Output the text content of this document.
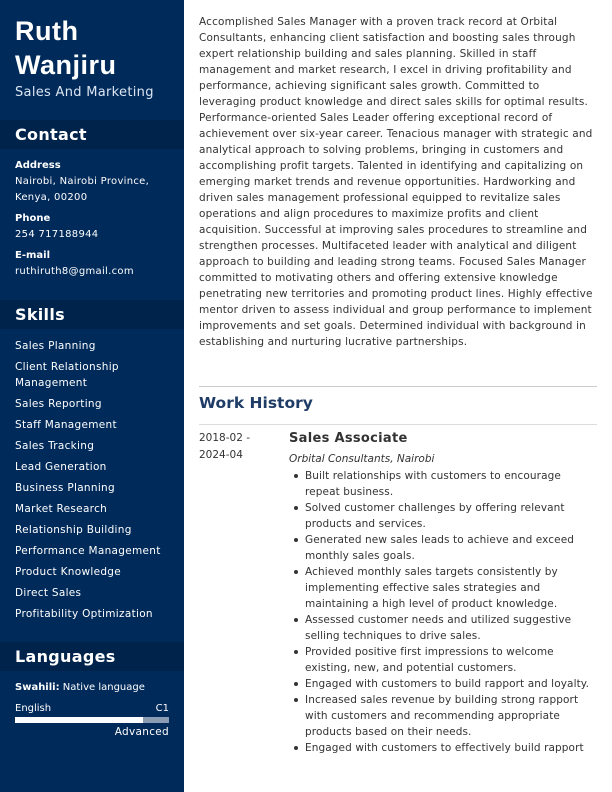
Ruth
Wanjiru
Sales And Marketing
Contact
Address
Nairobi, Nairobi Province,
Kenya, 00200
Phone
254 717188944
E-mail
ruthiruth8@gmail.com
Skills
Sales Planning
Client Relationship Management
Sales Reporting
Staff Management
Sales Tracking
Lead Generation
Business Planning
Market Research
Relationship Building
Performance Management
Product Knowledge
Direct Sales
Profitability Optimization
Languages
Swahili: Native language
English	C1
Advanced

Accomplished Sales Manager with a proven track record at Orbital Consultants, enhancing client satisfaction and boosting sales through expert relationship building and sales planning. Skilled in staff management and market research, I excel in driving profitability and performance, achieving significant sales growth. Committed to leveraging product knowledge and direct sales skills for optimal results. Performance-oriented Sales Leader offering exceptional record of achievement over six-year career. Tenacious manager with strategic and analytical approach to solving problems, bringing in customers and accomplishing profit targets. Talented in identifying and capitalizing on emerging market trends and revenue opportunities. Hardworking and driven sales management professional equipped to revitalize sales operations and align procedures to maximize profits and client acquisition. Successful at improving sales procedures to streamline and strengthen processes. Multifaceted leader with analytical and diligent approach to building and leading strong teams. Focused Sales Manager committed to motivating others and offering extensive knowledge penetrating new territories and promoting product lines. Highly effective mentor driven to assess individual and group performance to implement improvements and set goals. Determined individual with background in establishing and nurturing lucrative partnerships.

Work History
2018-02 -
2024-04
Sales Associate
Orbital Consultants, Nairobi
Built relationships with customers to encourage repeat business.
Solved customer challenges by offering relevant products and services.
Generated new sales leads to achieve and exceed monthly sales goals.
Achieved monthly sales targets consistently by implementing effective sales strategies and maintaining a high level of product knowledge.
Assessed customer needs and utilized suggestive selling techniques to drive sales.
Provided positive first impressions to welcome existing, new, and potential customers.
Engaged with customers to build rapport and loyalty.
Increased sales revenue by building strong rapport with customers and recommending appropriate products based on their needs.
Engaged with customers to effectively build rapport
